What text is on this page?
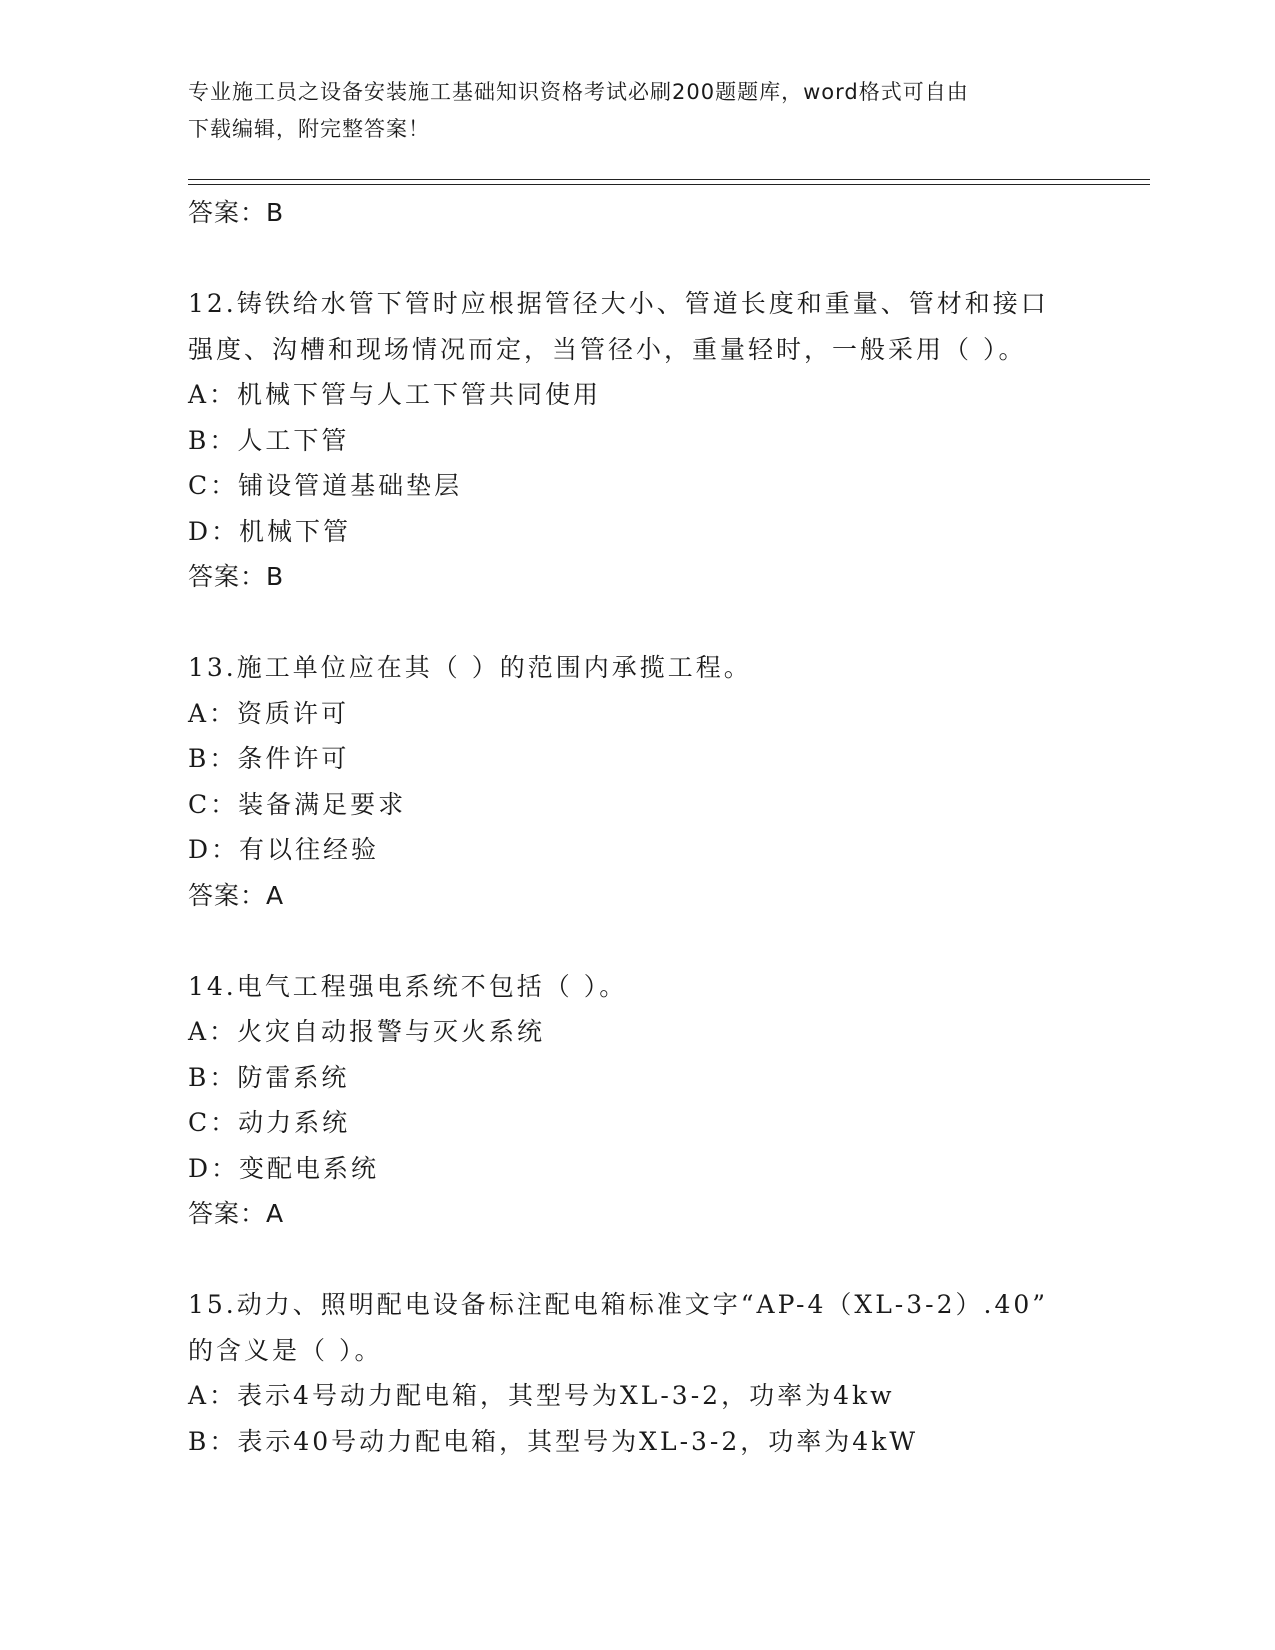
专业施工员之设备安装施工基础知识资格考试必刷200题题库，word格式可自由
下载编辑，附完整答案！
答案：B
12.铸铁给水管下管时应根据管径大小、管道长度和重量、管材和接口
强度、沟槽和现场情况而定，当管径小，重量轻时，一般采用（ ）。
A：机械下管与人工下管共同使用
B：人工下管
C：铺设管道基础垫层
D：机械下管
答案：B
13.施工单位应在其（ ）的范围内承揽工程。
A：资质许可
B：条件许可
C：装备满足要求
D：有以往经验
答案：A
14.电气工程强电系统不包括（ ）。
A：火灾自动报警与灭火系统
B：防雷系统
C：动力系统
D：变配电系统
答案：A
15.动力、照明配电设备标注配电箱标准文字“AP-4（XL-3-2）.40”
的含义是（ ）。
A：表示4号动力配电箱，其型号为XL-3-2，功率为4kw
B：表示40号动力配电箱，其型号为XL-3-2，功率为4kW
